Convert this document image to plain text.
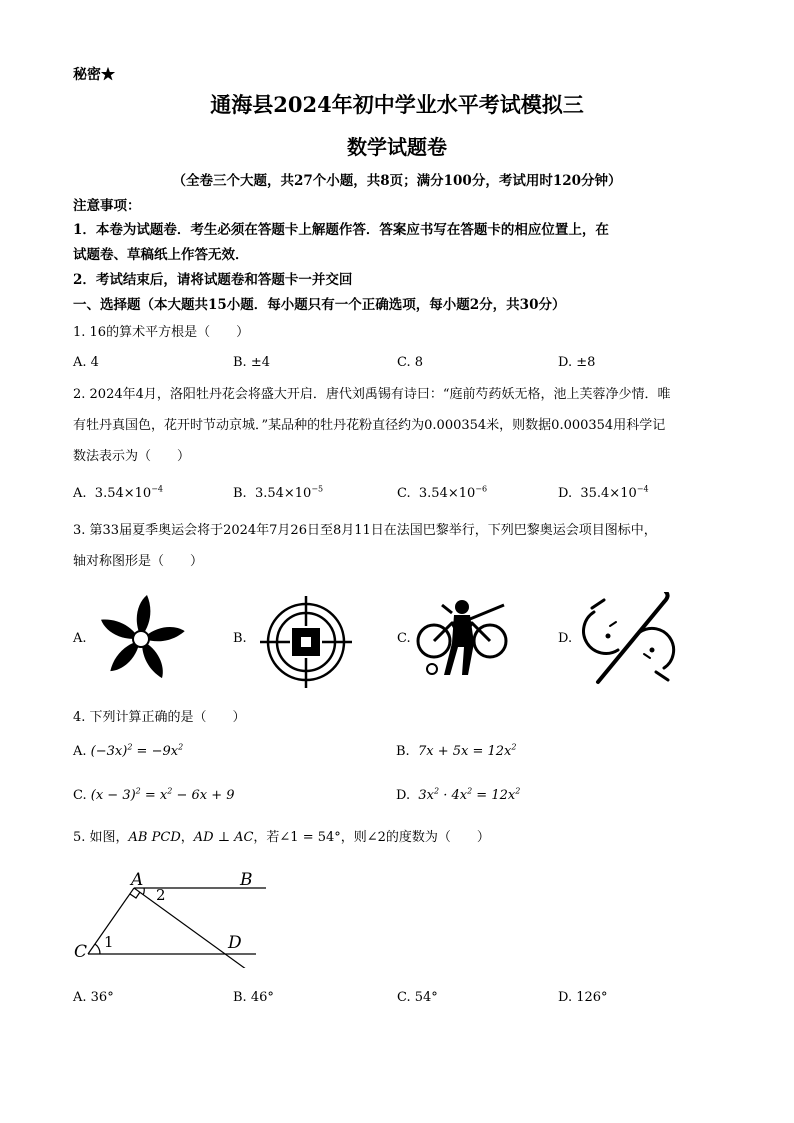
秘密★
通海县2024年初中学业水平考试模拟三
数学试题卷
（全卷三个大题，共27个小题，共8页；满分100分，考试用时120分钟）
注意事项：
1．本卷为试题卷．考生必须在答题卡上解题作答．答案应书写在答题卡的相应位置上，在
试题卷、草稿纸上作答无效．
2．考试结束后，请将试题卷和答题卡一并交回
一、选择题（本大题共15小题．每小题只有一个正确选项，每小题2分，共30分）
1. 16的算术平方根是（　　）
A. 4	B. ±4	C. 8	D. ±8
2. 2024年4月，洛阳牡丹花会将盛大开启．唐代刘禹锡有诗曰：“庭前芍药妖无格，池上芙蓉净少情．唯
有牡丹真国色，花开时节动京城．”某品种的牡丹花粉直径约为0.000354米，则数据0.000354用科学记
数法表示为（　　）
A. $3.54\times 10^{-4}$	B. $3.54\times 10^{-5}$	C. $3.54\times 10^{-6}$	D. $35.4\times 10^{-4}$
3. 第33届夏季奥运会将于2024年7月26日至8月11日在法国巴黎举行，下列巴黎奥运会项目图标中，
轴对称图形是（　　）
A.	B.	C.	D.
4. 下列计算正确的是（　　）
A. $(-3x)^2 = -9x^2$	B. $7x + 5x = 12x^2$
C. $(x - 3)^2 = x^2 - 6x + 9$	D. $3x^2 \cdot 4x^2 = 12x^2$
5. 如图，AB PCD，AD ⊥ AC，若∠1 = 54°，则∠2的度数为（　　）
A	B
C	D
1
2
A. 36°	B. 46°	C. 54°	D. 126°
